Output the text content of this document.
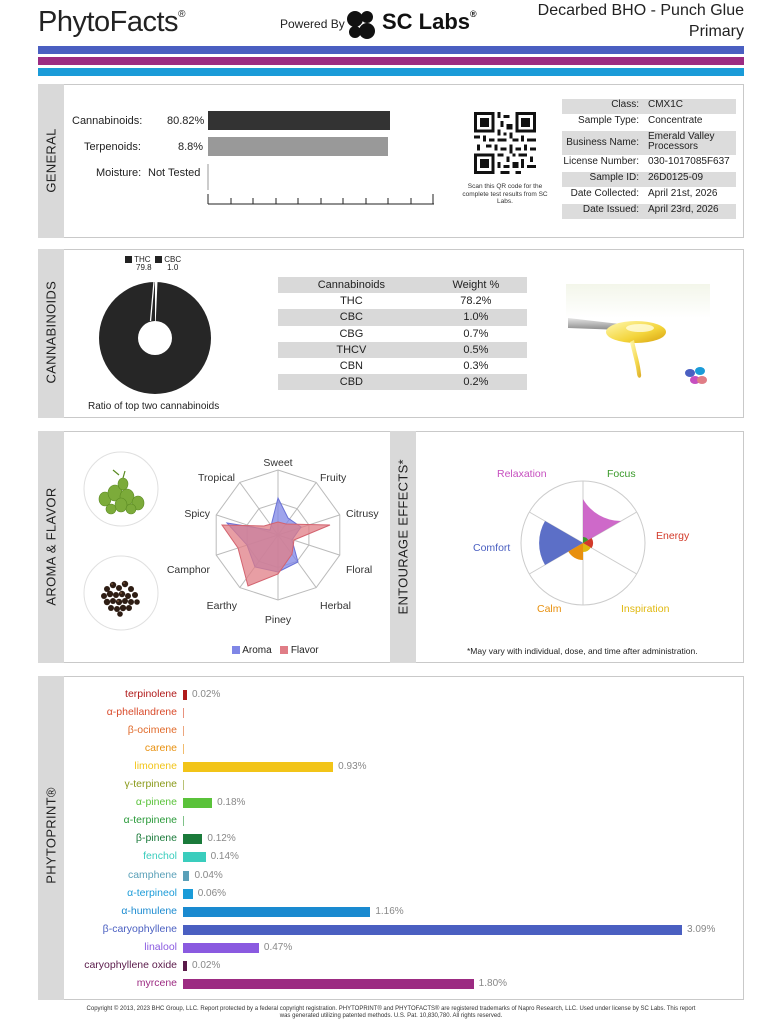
PhytoFacts®
Powered By SC Labs®	Decarbed BHO - Punch Glue
Primary
GENERAL
Cannabinoids: 80.82%
Terpenoids:	8.8%
Moisture: Not Tested
Scan this QR code for the complete test results from SC Labs.
Class: CMX1C
Sample Type: Concentrate
Business Name:
Emerald Valley Processors
License Number: 030-1017085F637
Sample ID: 26D0125-09
Date Collected: April 21st, 2026
Date Issued: April 23rd, 2026
CANNABINOIDS
THC CBC
79.8 1.0
Ratio of top two cannabinoids
Cannabinoids	Weight %
THC	78.2%
CBC	1.0%
CBG	0.7%
THCV	0.5%
CBN	0.3%
CBD	0.2%
AROMA & FLAVOR
Sweet
Fruity
Citrusy
Floral
Herbal
Piney
Earthy
Camphor
Spicy
Tropical
Aroma Flavor
ENTOURAGE EFFECTS*	Relaxation	Focus
Energy
Comfort
Calm	Inspiration
*May vary with individual, dose, and time after administration.
PHYTOPRINT®
terpinolene 0.02%
α-phellandrene
β-ocimene
carene
limonene	0.93%
γ-terpinene
α-pinene	0.18%
α-terpinene
β-pinene	0.12%
fenchol	0.14%
camphene 0.04%
α-terpineol 0.06%
α-humulene	1.16%
β-caryophyllene	3.09%
linalool	0.47%
caryophyllene oxide 0.02%
myrcene	1.80%
Copyright © 2013, 2023 BHC Group, LLC. Report protected by a federal copyright registration. PHYTOPRINT® and PHYTOFACTS® are registered trademarks of Napro Research, LLC. Used under license by SC Labs. This report
was generated utilizing patented methods. U.S. Pat. 10,830,780. All rights reserved.
